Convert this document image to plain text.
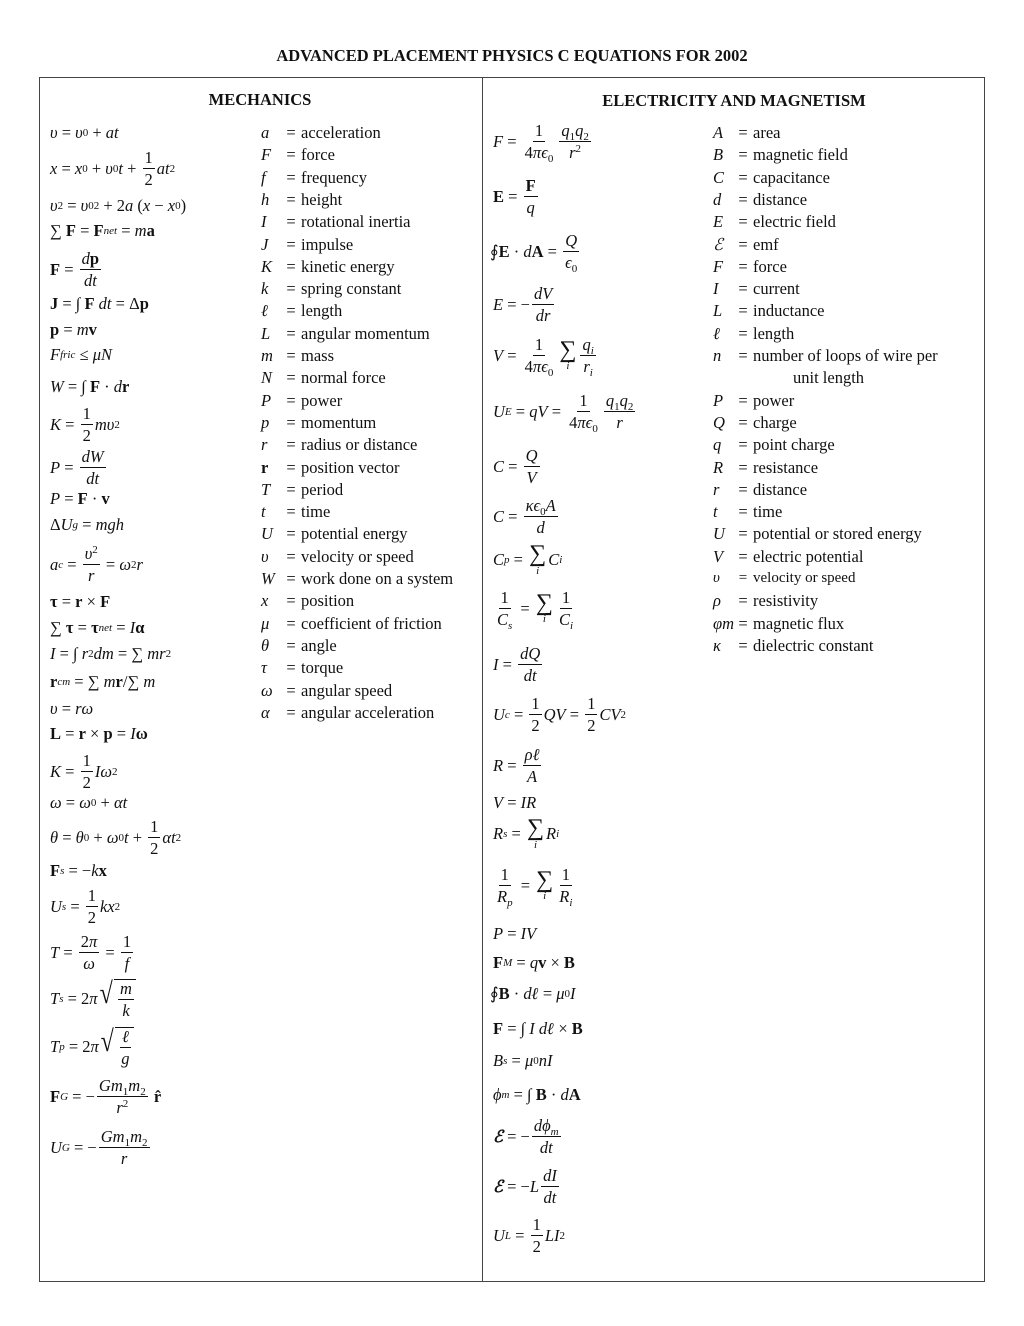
ADVANCED PLACEMENT PHYSICS C EQUATIONS FOR 2002
MECHANICS	ELECTRICITY AND MAGNETISM
υ = υ 0 + at
x = x 0 + υ 0 $t + \frac{1}{2}$ at 2
υ 2 = υ 0 2 + 2 a ( x − x 0 )
∑ F = F net = m a
$F = \frac{dp}{dt}$
J = ∫ F
dt = Δ p
p = m v
F fric ≤ μN
W = ∫ F · d r
$K = \frac{1}{2}$ mυ 2
$P = \frac{dW}{dt}$
P = F · v
Δ U g = mgh
a $c = \frac{\upsilon^2}{r} = \omega$ 2 r
τ = r × F
∑ τ = τ net = I α
I = ∫ r 2 dm = ∑ mr 2
r cm = ∑ m r /∑ m
υ = rω
L = r × p = I ω
$K = \frac{1}{2}$ Iω 2
ω = ω 0 + αt
θ = θ 0 + ω 0 $t + \frac{1}{2}$ αt 2
F s = − k x
U $s = \frac{1}{2}$ kx 2
$T = \frac{2\pi}{\omega} = \frac{1}{f}$
T s = 2 π √ $\frac{m}{k}$
T p = 2 π √ $\frac{\text{ℓ}}{g}$
F G = − $\frac{Gm_1m_2}{r^2}$
r̂
U G = − $\frac{Gm_1m_2}{r}$
a = acceleration
F = force
f = frequency
h = height
I = rotational inertia
J = impulse
K = kinetic energy
k = spring constant
ℓ = length
L = angular momentum
m = mass
N = normal force
P = power
p = momentum
r = radius or distance
r = position vector
T = period
t = time
U = potential energy
υ = velocity or speed
W = work done on a system
x = position
μ = coefficient of friction
θ = angle
τ = torque
ω = angular speed
α = angular acceleration
$F = \frac{1}{4\pi\epsilon_0} \frac{q_1q_2}{r^2}$
$E = \frac{F}{q}$
∮ E · d $A = \frac{Q}{\epsilon_0}$
E = − $\frac{dV}{dr}$
$V = \frac{1}{4\pi\epsilon_0}$ ∑
i $\frac{q_i}{r_i}$
U E = qV = $\frac{1}{4\pi\epsilon_0} \frac{q_1q_2}{r}$
$C = \frac{Q}{V}$
$C = \frac{\kappa\epsilon_0A}{d}$
C p = ∑
i
C i
$\frac{1}{C_s}$ = ∑
i $\frac{1}{C_i}$
$I = \frac{dQ}{dt}$
U $c = \frac{1}{2}$ QV = $\frac{1}{2}$ CV 2
$R = \frac{\text{ρℓ}}{A}$
V = IR
R s = ∑
i
R i
$\frac{1}{R_p}$ = ∑
i $\frac{1}{R_i}$
P = IV
F M = q v × B
∮ B · d ℓ = μ 0 I
F = ∫ I
d ℓ × B
B s = μ 0 nI
ϕ m = ∫ B · d A
ℰ = − $\frac{d\phi_m}{dt}$
ℰ = − L $\frac{dI}{dt}$
U $L = \frac{1}{2}$ LI 2
A = area
B = magnetic field
C = capacitance
d = distance
E = electric field
ℰ = emf
F = force
I = current
L = inductance
ℓ = length
n = number of loops of wire per
unit length
P = power
Q = charge
q = point charge
R = resistance
r = distance
t = time
U = potential or stored energy
V = electric potential
υ = velocity or speed
ρ = resistivity
φm = magnetic flux
κ = dielectric constant
